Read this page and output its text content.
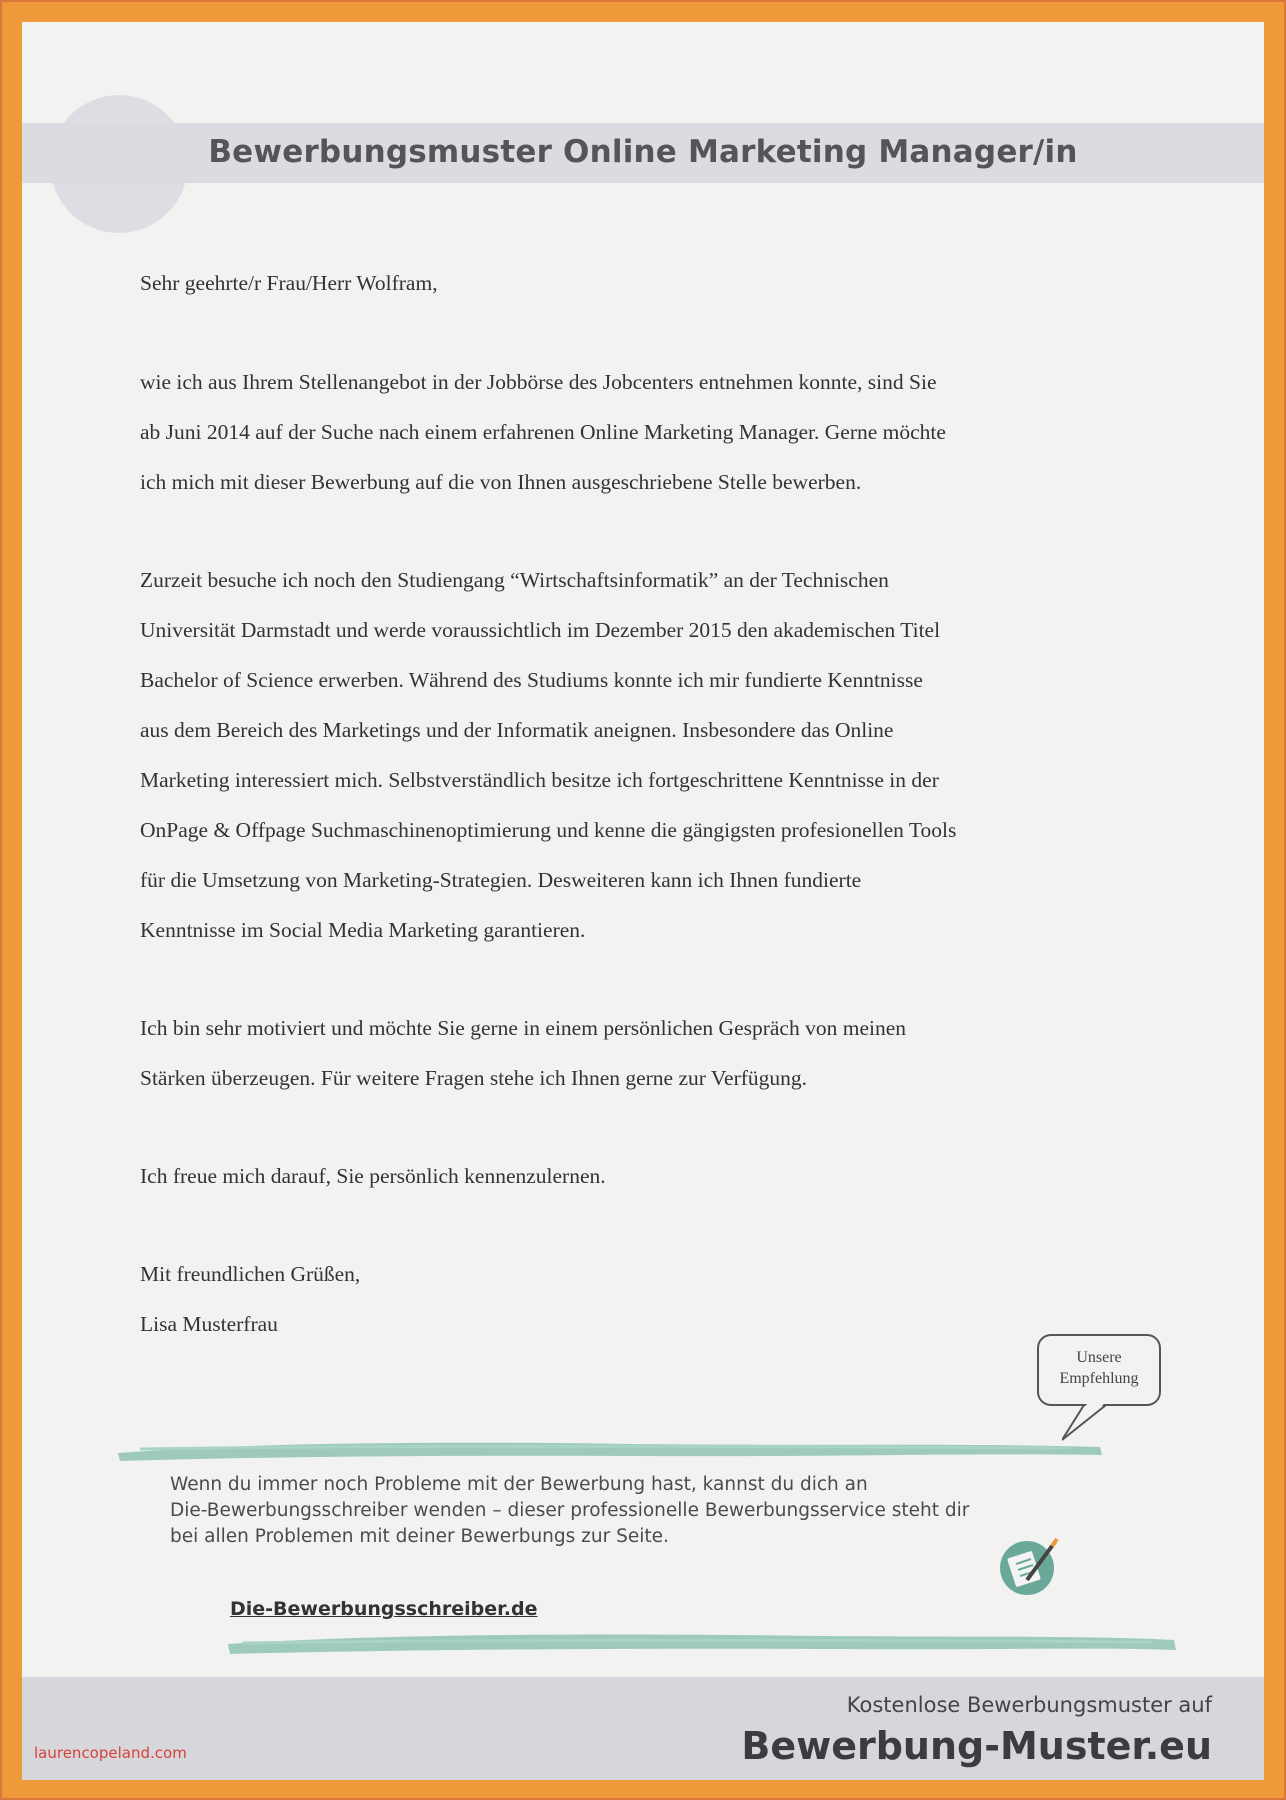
Bewerbungsmuster Online Marketing Manager/in

Sehr geehrte/r Frau/Herr Wolfram,

wie ich aus Ihrem Stellenangebot in der Jobbörse des Jobcenters entnehmen konnte, sind Sie

ab Juni 2014 auf der Suche nach einem erfahrenen Online Marketing Manager. Gerne möchte

ich mich mit dieser Bewerbung auf die von Ihnen ausgeschriebene Stelle bewerben.

Zurzeit besuche ich noch den Studiengang “Wirtschaftsinformatik” an der Technischen

Universität Darmstadt und werde voraussichtlich im Dezember 2015 den akademischen Titel

Bachelor of Science erwerben. Während des Studiums konnte ich mir fundierte Kenntnisse

aus dem Bereich des Marketings und der Informatik aneignen. Insbesondere das Online

Marketing interessiert mich. Selbstverständlich besitze ich fortgeschrittene Kenntnisse in der

OnPage & Offpage Suchmaschinenoptimierung und kenne die gängigsten profesionellen Tools

für die Umsetzung von Marketing-Strategien. Desweiteren kann ich Ihnen fundierte

Kenntnisse im Social Media Marketing garantieren.

Ich bin sehr motiviert und möchte Sie gerne in einem persönlichen Gespräch von meinen

Stärken überzeugen. Für weitere Fragen stehe ich Ihnen gerne zur Verfügung.

Ich freue mich darauf, Sie persönlich kennenzulernen.

Mit freundlichen Grüßen,

Lisa Musterfrau

Unsere
Empfehlung

Wenn du immer noch Probleme mit der Bewerbung hast, kannst du dich an

Die-Bewerbungsschreiber wenden – dieser professionelle Bewerbungsservice steht dir

bei allen Problemen mit deiner Bewerbungs zur Seite.

Die-Bewerbungsschreiber.de
Kostenlose Bewerbungsmuster auf
Bewerbung-Muster.eu
laurencopeland.com
